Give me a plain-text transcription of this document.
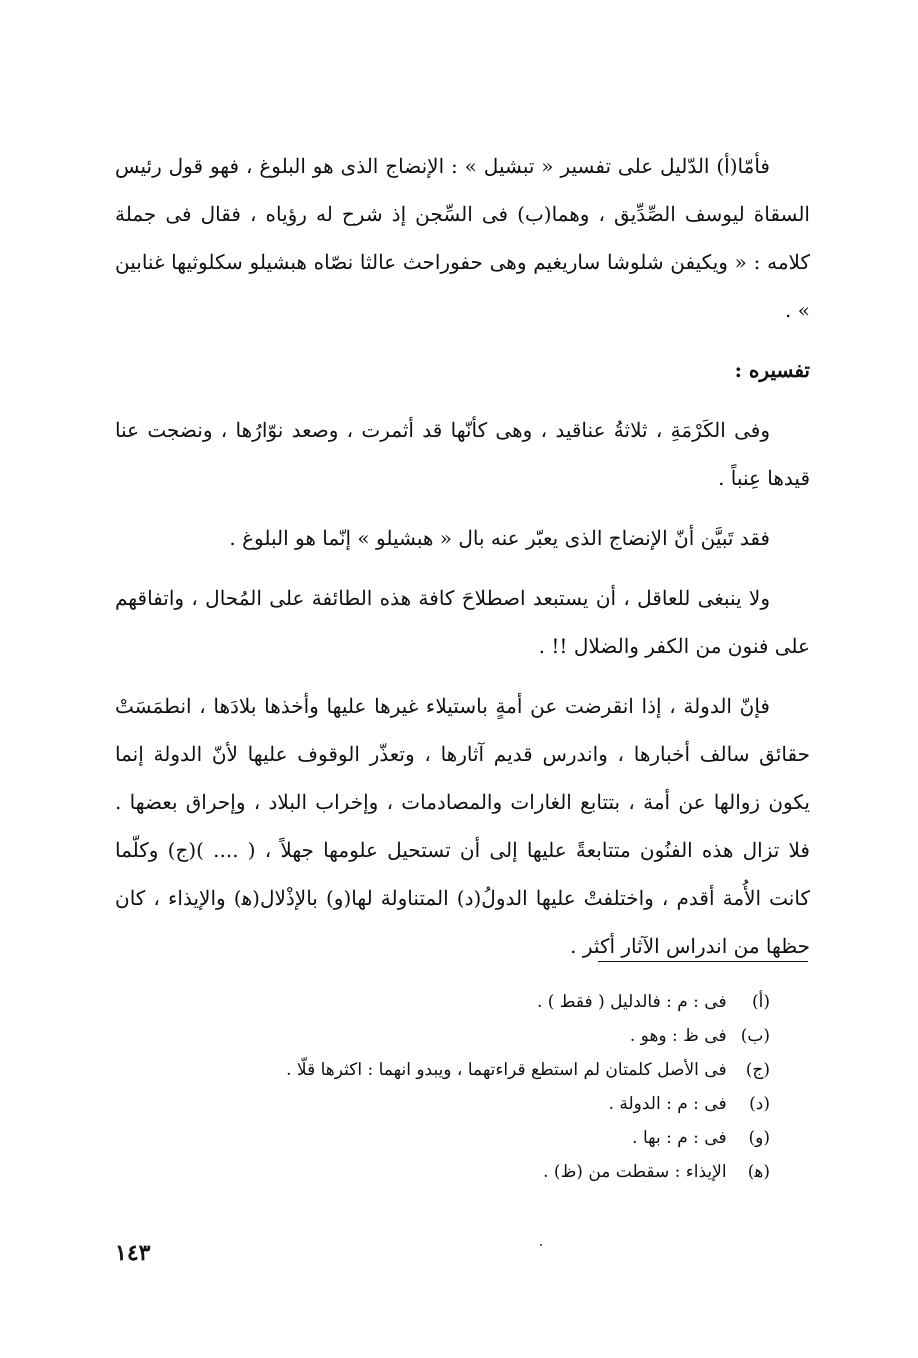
فأمّا(أ) الدّليل على تفسير « تبشيل » : الإنضاج الذى هو البلوغ ، فهو قول رئيس السقاة ليوسف الصِّدِّيق ، وهما(ب) فى السِّجن إذ شرح له رؤياه ، فقال فى جملة كلامه : « ويكيفن شلوشا ساريغيم وهى حفوراحث عالثا نصّاه هبشيلو سكلوثيها غنابين » .

تفسيره :

وفى الكَرْمَةِ ، ثلاثةُ عناقيد ، وهى كأنّها قد أثمرت ، وصعد نوّارُها ، ونضجت عنا قيدها عِنباً .

فقد تَبيَّن أنّ الإنضاج الذى يعبّر عنه بال « هبشيلو » إنّما هو البلوغ .

ولا ينبغى للعاقل ، أن يستبعد اصطلاحَ كافة هذه الطائفة على المُحال ، واتفاقهم على فنون من الكفر والضلال !! .

فإنّ الدولة ، إذا انقرضت عن أمةٍ باستيلاء غيرها عليها وأخذها بلادَها ، انطمَسَتْ حقائق سالف أخبارها ، واندرس قديم آثارها ، وتعذّر الوقوف عليها لأنّ الدولة إنما يكون زوالها عن أمة ، بتتابع الغارات والمصادمات ، وإخراب البلاد ، وإحراق بعضها . فلا تزال هذه الفنُون متتابعةً عليها إلى أن تستحيل علومها جهلاً ، ( .... )(ج) وكلّما كانت الأُمة أقدم ، واختلفتْ عليها الدولُ(د) المتناولة لها(و) بالإذْلال(ﻫ) والإيذاء ، كان حظها من اندراس الآثار أكثر .

(أ) فى : م : فالدليل ( فقط ) .

(ب) فى ظ : وهو .

(ج) فى الأصل كلمتان لم استطع قراءتهما ، ويبدو انهما : اكثرها قلّا .

(د) فى : م : الدولة .

(و) فى : م : بها .

(ﻫ) الإيذاء : سقطت من (ظ) .

١٤٣
